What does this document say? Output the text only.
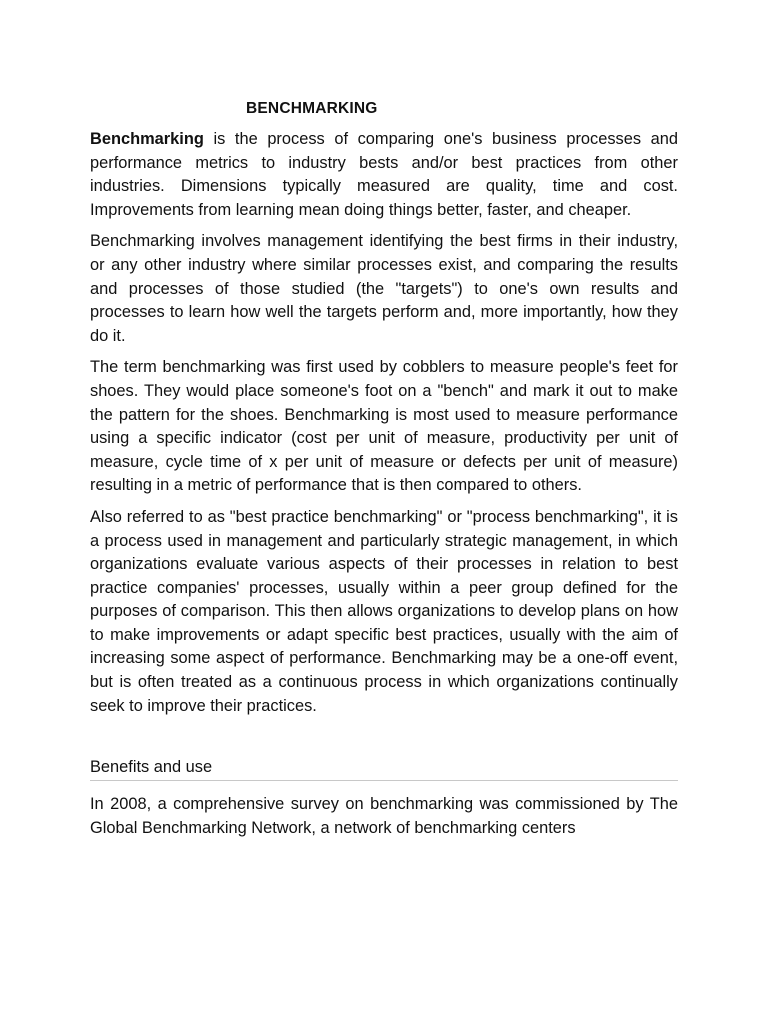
BENCHMARKING

Benchmarking is the process of comparing one's business processes and performance metrics to industry bests and/or best practices from other industries. Dimensions typically measured are quality, time and cost. Improvements from learning mean doing things better, faster, and cheaper.

Benchmarking involves management identifying the best firms in their industry, or any other industry where similar processes exist, and comparing the results and processes of those studied (the "targets") to one's own results and processes to learn how well the targets perform and, more importantly, how they do it.

The term benchmarking was first used by cobblers to measure people's feet for shoes. They would place someone's foot on a "bench" and mark it out to make the pattern for the shoes. Benchmarking is most used to measure performance using a specific indicator (cost per unit of measure, productivity per unit of measure, cycle time of x per unit of measure or defects per unit of measure) resulting in a metric of performance that is then compared to others.

Also referred to as "best practice benchmarking" or "process benchmarking", it is a process used in management and particularly strategic management, in which organizations evaluate various aspects of their processes in relation to best practice companies' processes, usually within a peer group defined for the purposes of comparison. This then allows organizations to develop plans on how to make improvements or adapt specific best practices, usually with the aim of increasing some aspect of performance. Benchmarking may be a one-off event, but is often treated as a continuous process in which organizations continually seek to improve their practices.

Benefits and use

In 2008, a comprehensive survey on benchmarking was commissioned by The Global Benchmarking Network, a network of benchmarking centers
